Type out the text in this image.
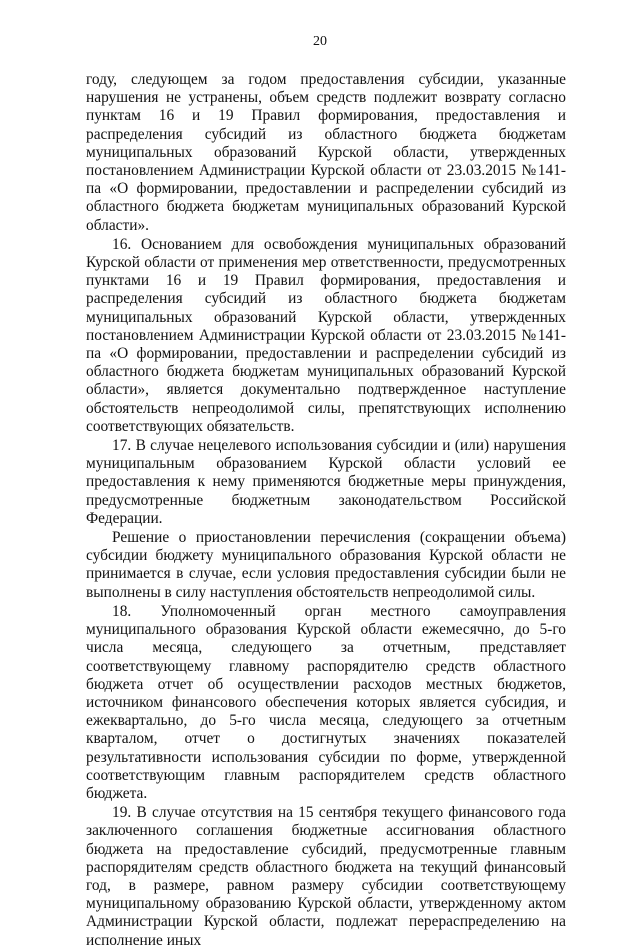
20

году, следующем за годом предоставления субсидии, указанные нарушения не устранены, объем средств подлежит возврату согласно пунктам 16 и 19 Правил формирования, предоставления и распределения субсидий из областного бюджета бюджетам муниципальных образований Курской области, утвержденных постановлением Администрации Курской области от 23.03.2015 №141-па «О формировании, предоставлении и распределении субсидий из областного бюджета бюджетам муниципальных образований Курской области».

16. Основанием для освобождения муниципальных образований Курской области от применения мер ответственности, предусмотренных пунктами 16 и 19 Правил формирования, предоставления и распределения субсидий из областного бюджета бюджетам муниципальных образований Курской области, утвержденных постановлением Администрации Курской области от 23.03.2015 №141-па «О формировании, предоставлении и распределении субсидий из областного бюджета бюджетам муниципальных образований Курской области», является документально подтвержденное наступление обстоятельств непреодолимой силы, препятствующих исполнению соответствующих обязательств.

17. В случае нецелевого использования субсидии и (или) нарушения муниципальным образованием Курской области условий ее предоставления к нему применяются бюджетные меры принуждения, предусмотренные бюджетным законодательством Российской Федерации.

Решение о приостановлении перечисления (сокращении объема) субсидии бюджету муниципального образования Курской области не принимается в случае, если условия предоставления субсидии были не выполнены в силу наступления обстоятельств непреодолимой силы.

18. Уполномоченный орган местного самоуправления муниципального образования Курской области ежемесячно, до 5-го числа месяца, следующего за отчетным, представляет соответствующему главному распорядителю средств областного бюджета отчет об осуществлении расходов местных бюджетов, источником финансового обеспечения которых является субсидия, и ежеквартально, до 5-го числа месяца, следующего за отчетным кварталом, отчет о достигнутых значениях показателей результативности использования субсидии по форме, утвержденной соответствующим главным распорядителем средств областного бюджета.

19. В случае отсутствия на 15 сентября текущего финансового года заключенного соглашения бюджетные ассигнования областного бюджета на предоставление субсидий, предусмотренные главным распорядителям средств областного бюджета на текущий финансовый год, в размере, равном размеру субсидии соответствующему муниципальному образованию Курской области, утвержденному актом Администрации Курской области, подлежат перераспределению на исполнение иных
